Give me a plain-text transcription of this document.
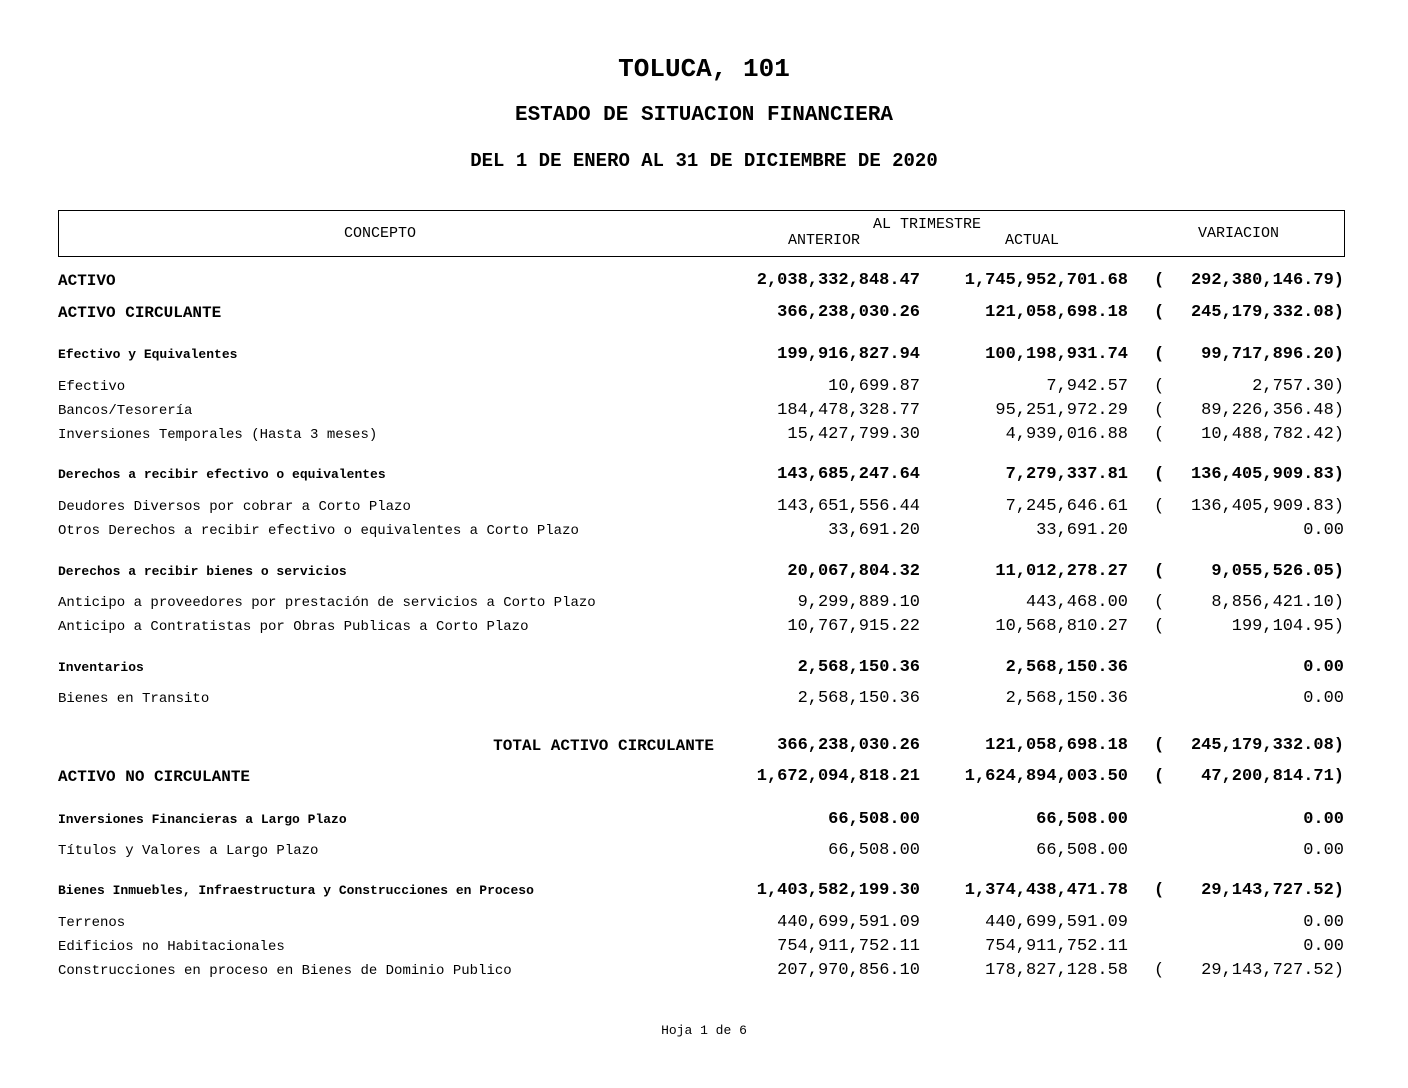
TOLUCA, 101
ESTADO DE SITUACION FINANCIERA
DEL 1 DE ENERO AL 31 DE DICIEMBRE DE 2020
CONCEPTO
AL TRIMESTRE
ANTERIOR	ACTUAL	VARIACION
ACTIVO	2,038,332,848.47	1,745,952,701.68 ( 292,380,146.79)
ACTIVO CIRCULANTE	366,238,030.26	121,058,698.18 ( 245,179,332.08)
Efectivo y Equivalentes	199,916,827.94	100,198,931.74 ( 99,717,896.20)
Efectivo	10,699.87	7,942.57 (	2,757.30)
Bancos/Tesorería	184,478,328.77	95,251,972.29 ( 89,226,356.48)
Inversiones Temporales (Hasta 3 meses)	15,427,799.30	4,939,016.88 ( 10,488,782.42)
Derechos a recibir efectivo o equivalentes	143,685,247.64	7,279,337.81 ( 136,405,909.83)
Deudores Diversos por cobrar a Corto Plazo	143,651,556.44	7,245,646.61 ( 136,405,909.83)
Otros Derechos a recibir efectivo o equivalentes a Corto Plazo	33,691.20	33,691.20	0.00
Derechos a recibir bienes o servicios	20,067,804.32	11,012,278.27 (	9,055,526.05)
Anticipo a proveedores por prestación de servicios a Corto Plazo	9,299,889.10	443,468.00 (	8,856,421.10)
Anticipo a Contratistas por Obras Publicas a Corto Plazo	10,767,915.22	10,568,810.27 (	199,104.95)
Inventarios	2,568,150.36	2,568,150.36	0.00
Bienes en Transito	2,568,150.36	2,568,150.36	0.00
TOTAL ACTIVO CIRCULANTE	366,238,030.26	121,058,698.18 ( 245,179,332.08)
ACTIVO NO CIRCULANTE	1,672,094,818.21	1,624,894,003.50 ( 47,200,814.71)
Inversiones Financieras a Largo Plazo	66,508.00	66,508.00	0.00
Títulos y Valores a Largo Plazo	66,508.00	66,508.00	0.00
Bienes Inmuebles, Infraestructura y Construcciones en Proceso	1,403,582,199.30	1,374,438,471.78 ( 29,143,727.52)
Terrenos	440,699,591.09	440,699,591.09	0.00
Edificios no Habitacionales	754,911,752.11	754,911,752.11	0.00
Construcciones en proceso en Bienes de Dominio Publico	207,970,856.10	178,827,128.58 ( 29,143,727.52)
Hoja 1 de 6
